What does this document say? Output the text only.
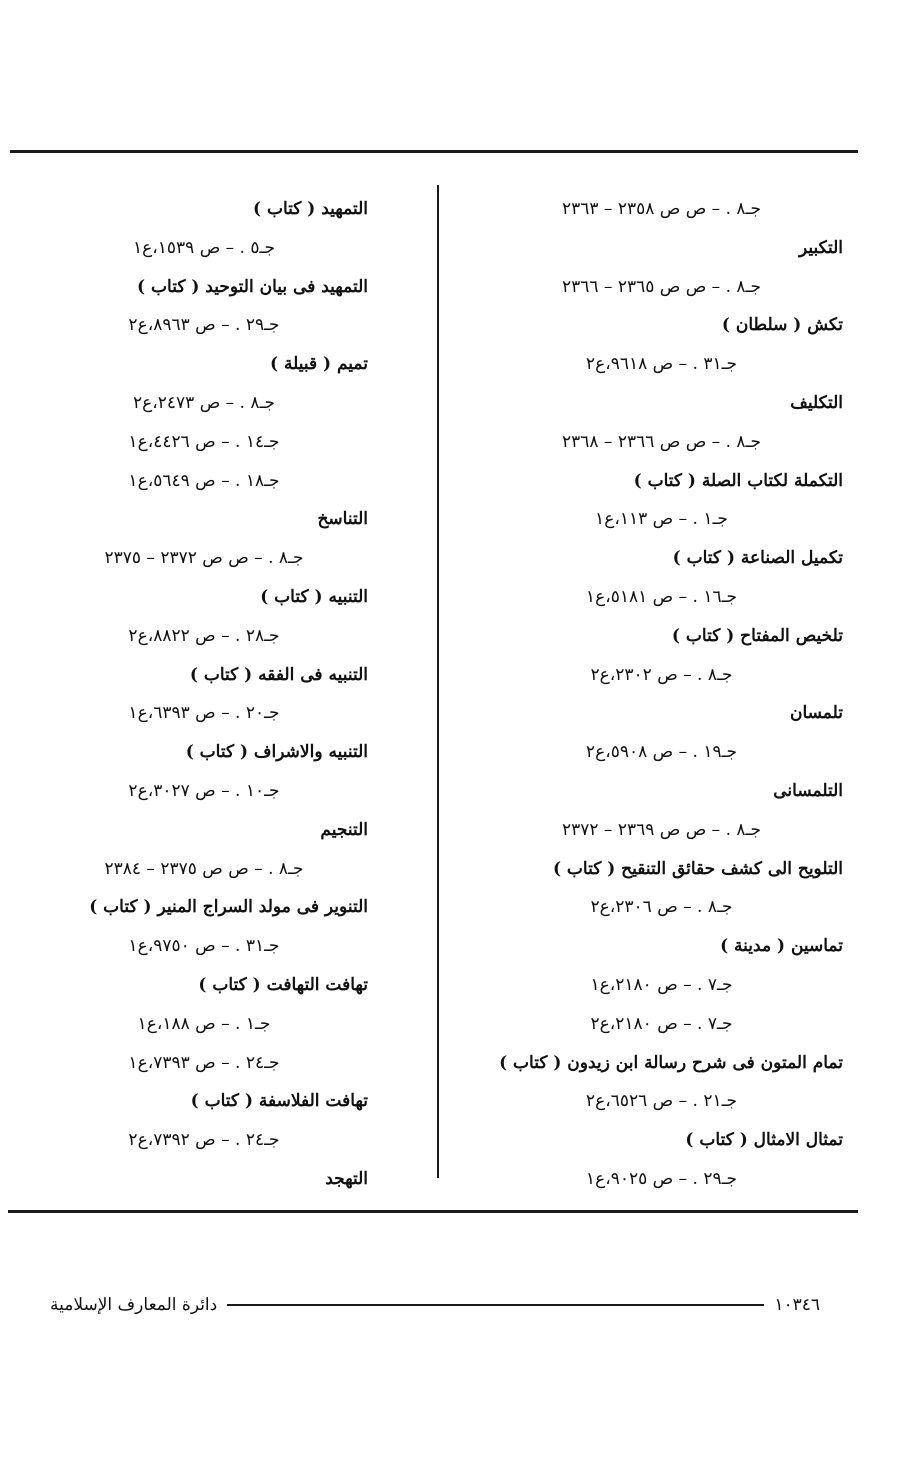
جـ٨ . – ص ص ٢٣٥٨ – ٢٣٦٣
التكبير
جـ٨ . – ص ص ٢٣٦٥ – ٢٣٦٦
تكش ( سلطان )
جـ٣١ . – ص ٩٦١٨،ع٢
التكليف
جـ٨ . – ص ص ٢٣٦٦ – ٢٣٦٨
التكملة لكتاب الصلة ( كتاب )
جـ١ . – ص ١١٣،ع١
تكميل الصناعة ( كتاب )
جـ١٦ . – ص ٥١٨١،ع١
تلخيص المفتاح ( كتاب )
جـ٨ . – ص ٢٣٠٢،ع٢
تلمسان
جـ١٩ . – ص ٥٩٠٨،ع٢
التلمسانى
جـ٨ . – ص ص ٢٣٦٩ – ٢٣٧٢
التلويح الى كشف حقائق التنقيح ( كتاب )
جـ٨ . – ص ٢٣٠٦،ع٢
تماسين ( مدينة )
جـ٧ . – ص ٢١٨٠،ع١
جـ٧ . – ص ٢١٨٠،ع٢
تمام المتون فى شرح رسالة ابن زيدون ( كتاب )
جـ٢١ . – ص ٦٥٢٦،ع٢
تمثال الامثال ( كتاب )
جـ٢٩ . – ص ٩٠٢٥،ع١
التمهيد ( كتاب )
جـ٥ . – ص ١٥٣٩،ع١
التمهيد فى بيان التوحيد ( كتاب )
جـ٢٩ . – ص ٨٩٦٣،ع٢
تميم ( قبيلة )
جـ٨ . – ص ٢٤٧٣،ع٢
جـ١٤ . – ص ٤٤٢٦،ع١
جـ١٨ . – ص ٥٦٤٩،ع١
التناسخ
جـ٨ . – ص ص ٢٣٧٢ – ٢٣٧٥
التنبيه ( كتاب )
جـ٢٨ . – ص ٨٨٢٢،ع٢
التنبيه فى الفقه ( كتاب )
جـ٢٠ . – ص ٦٣٩٣،ع١
التنبيه والاشراف ( كتاب )
جـ١٠ . – ص ٣٠٢٧،ع٢
التنجيم
جـ٨ . – ص ص ٢٣٧٥ – ٢٣٨٤
التنوير فى مولد السراج المنير ( كتاب )
جـ٣١ . – ص ٩٧٥٠،ع١
تهافت التهافت ( كتاب )
جـ١ . – ص ١٨٨،ع١
جـ٢٤ . – ص ٧٣٩٣،ع١
تهافت الفلاسفة ( كتاب )
جـ٢٤ . – ص ٧٣٩٢،ع٢
التهجد
دائرة المعارف الإسلامية	١٠٣٤٦
